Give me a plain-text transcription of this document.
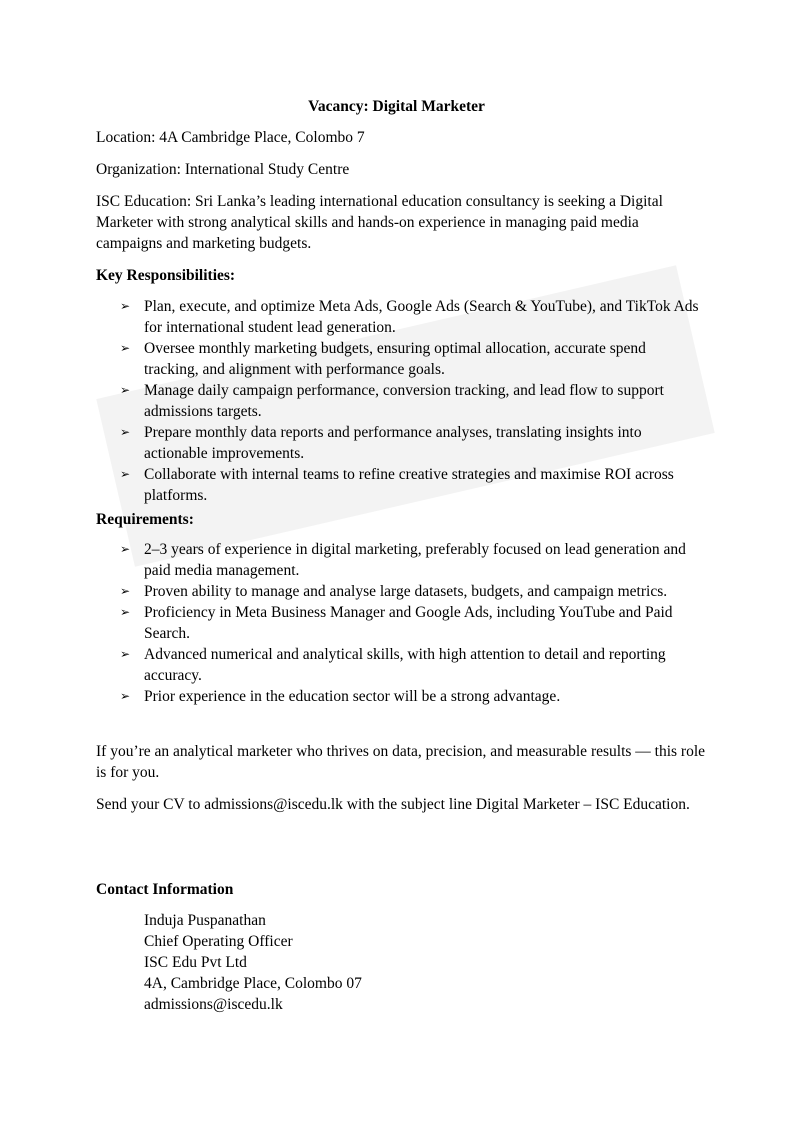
Vacancy: Digital Marketer

Location: 4A Cambridge Place, Colombo 7

Organization: International Study Centre

ISC Education: Sri Lanka’s leading international education consultancy is seeking a Digital Marketer with strong analytical skills and hands-on experience in managing paid media campaigns and marketing budgets.

Key Responsibilities:
➢ Plan, execute, and optimize Meta Ads, Google Ads (Search & YouTube), and TikTok Ads for international student lead generation.
➢ Oversee monthly marketing budgets, ensuring optimal allocation, accurate spend tracking, and alignment with performance goals.
➢ Manage daily campaign performance, conversion tracking, and lead flow to support admissions targets.
➢ Prepare monthly data reports and performance analyses, translating insights into actionable improvements.
➢ Collaborate with internal teams to refine creative strategies and maximise ROI across platforms.
Requirements:
➢ 2–3 years of experience in digital marketing, preferably focused on lead generation and paid media management.
➢ Proven ability to manage and analyse large datasets, budgets, and campaign metrics.
➢ Proficiency in Meta Business Manager and Google Ads, including YouTube and Paid Search.
➢ Advanced numerical and analytical skills, with high attention to detail and reporting accuracy.
➢ Prior experience in the education sector will be a strong advantage.

If you’re an analytical marketer who thrives on data, precision, and measurable results — this role is for you.

Send your CV to admissions@iscedu.lk with the subject line Digital Marketer – ISC Education.

Contact Information
Induja Puspanathan
Chief Operating Officer
ISC Edu Pvt Ltd
4A, Cambridge Place, Colombo 07
admissions@iscedu.lk
